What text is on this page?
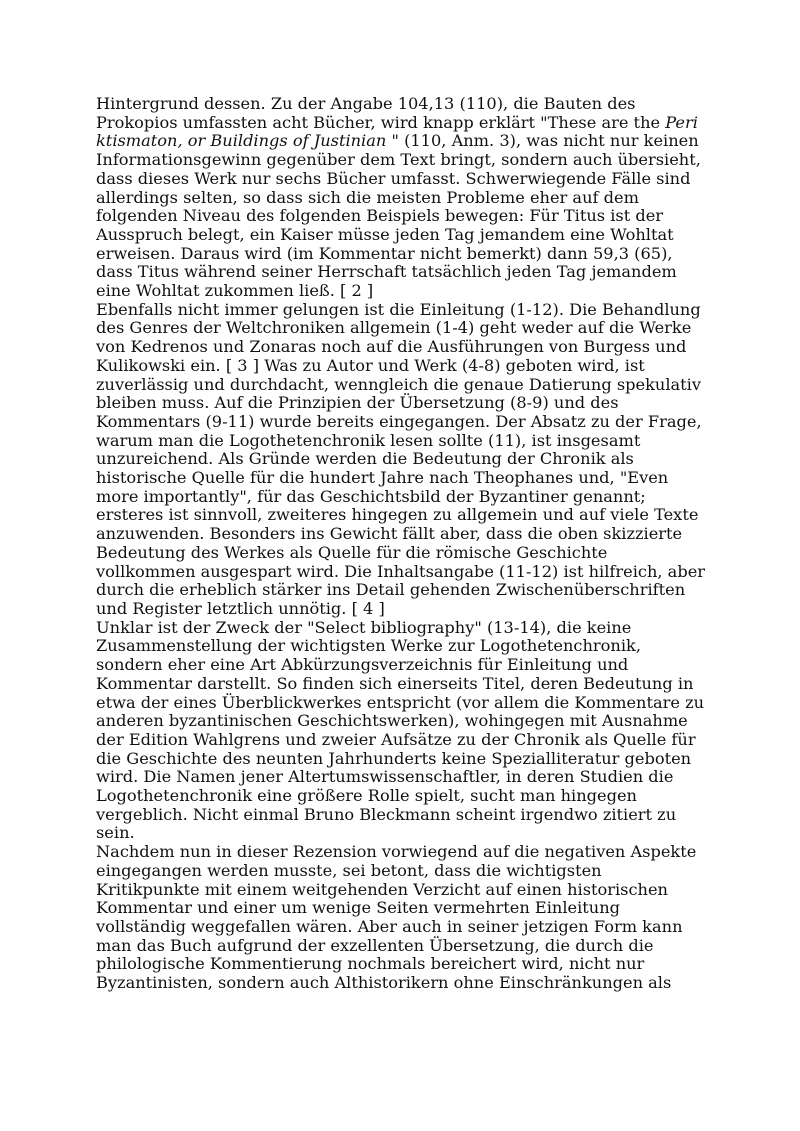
Hintergrund dessen. Zu der Angabe 104,13 (110), die Bauten des Prokopios umfassten acht Bücher, wird knapp erklärt "These are the Peri ktismaton, or Buildings of Justinian " (110, Anm. 3), was nicht nur keinen Informationsgewinn gegenüber dem Text bringt, sondern auch übersieht, dass dieses Werk nur sechs Bücher umfasst. Schwerwiegende Fälle sind allerdings selten, so dass sich die meisten Probleme eher auf dem folgenden Niveau des folgenden Beispiels bewegen: Für Titus ist der Ausspruch belegt, ein Kaiser müsse jeden Tag jemandem eine Wohltat erweisen. Daraus wird (im Kommentar nicht bemerkt) dann 59,3 (65), dass Titus während seiner Herrschaft tatsächlich jeden Tag jemandem eine Wohltat zukommen ließ. [ 2 ]

Ebenfalls nicht immer gelungen ist die Einleitung (1-12). Die Behandlung des Genres der Weltchroniken allgemein (1-4) geht weder auf die Werke von Kedrenos und Zonaras noch auf die Ausführungen von Burgess und Kulikowski ein. [ 3 ] Was zu Autor und Werk (4-8) geboten wird, ist zuverlässig und durchdacht, wenngleich die genaue Datierung spekulativ bleiben muss. Auf die Prinzipien der Übersetzung (8-9) und des Kommentars (9-11) wurde bereits eingegangen. Der Absatz zu der Frage, warum man die Logothetenchronik lesen sollte (11), ist insgesamt unzureichend. Als Gründe werden die Bedeutung der Chronik als historische Quelle für die hundert Jahre nach Theophanes und, "Even more importantly", für das Geschichtsbild der Byzantiner genannt; ersteres ist sinnvoll, zweiteres hingegen zu allgemein und auf viele Texte anzuwenden. Besonders ins Gewicht fällt aber, dass die oben skizzierte Bedeutung des Werkes als Quelle für die römische Geschichte vollkommen ausgespart wird. Die Inhaltsangabe (11-12) ist hilfreich, aber durch die erheblich stärker ins Detail gehenden Zwischenüberschriften und Register letztlich unnötig. [ 4 ]

Unklar ist der Zweck der "Select bibliography" (13-14), die keine Zusammenstellung der wichtigsten Werke zur Logothetenchronik, sondern eher eine Art Abkürzungsverzeichnis für Einleitung und Kommentar darstellt. So finden sich einerseits Titel, deren Bedeutung in etwa der eines Überblickwerkes entspricht (vor allem die Kommentare zu anderen byzantinischen Geschichtswerken), wohingegen mit Ausnahme der Edition Wahlgrens und zweier Aufsätze zu der Chronik als Quelle für die Geschichte des neunten Jahrhunderts keine Spezialliteratur geboten wird. Die Namen jener Altertumswissenschaftler, in deren Studien die Logothetenchronik eine größere Rolle spielt, sucht man hingegen vergeblich. Nicht einmal Bruno Bleckmann scheint irgendwo zitiert zu sein.

Nachdem nun in dieser Rezension vorwiegend auf die negativen Aspekte eingegangen werden musste, sei betont, dass die wichtigsten Kritikpunkte mit einem weitgehenden Verzicht auf einen historischen Kommentar und einer um wenige Seiten vermehrten Einleitung vollständig weggefallen wären. Aber auch in seiner jetzigen Form kann man das Buch aufgrund der exzellenten Übersetzung, die durch die philologische Kommentierung nochmals bereichert wird, nicht nur Byzantinisten, sondern auch Althistorikern ohne Einschränkungen als
